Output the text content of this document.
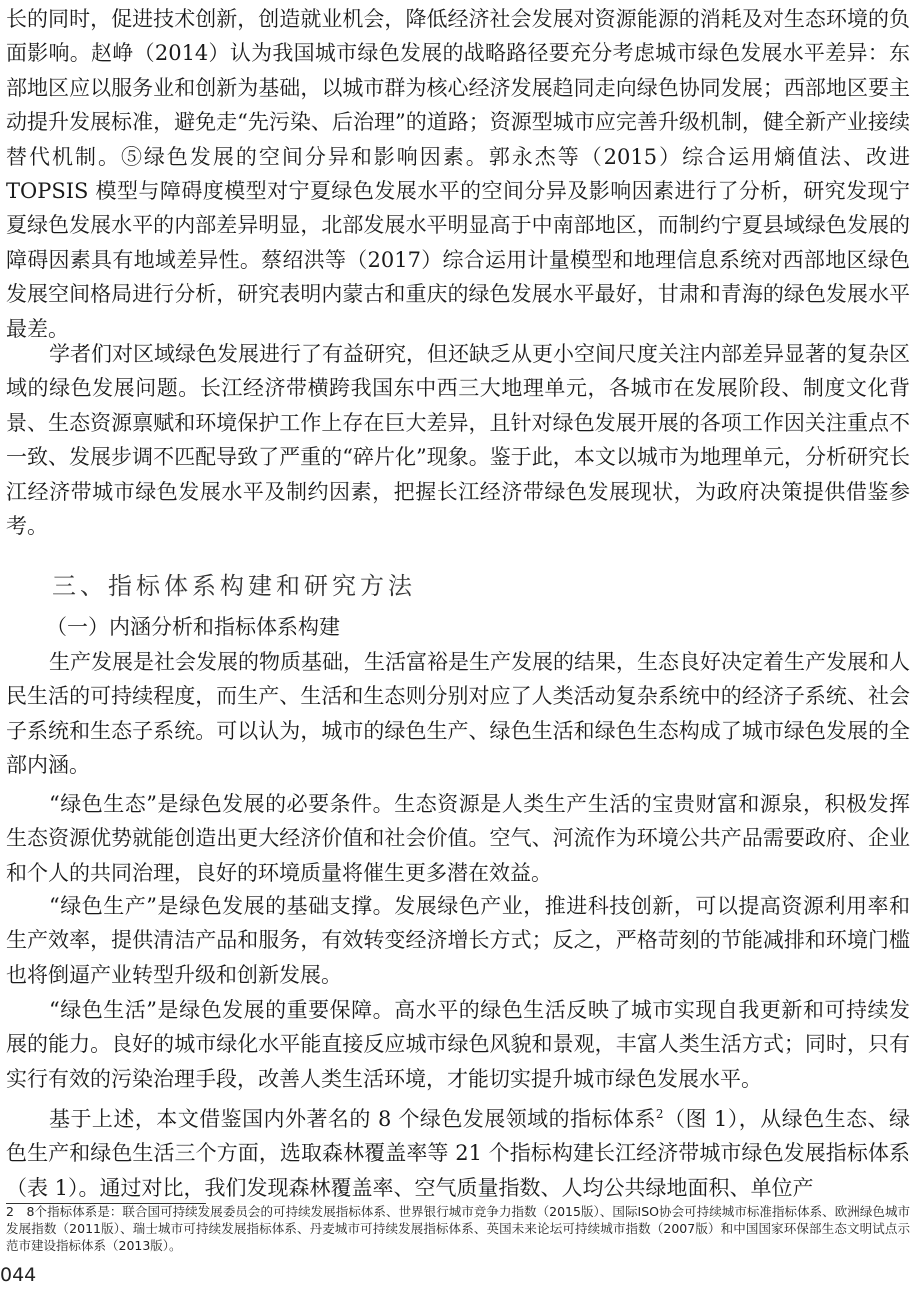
长的同时，促进技术创新，创造就业机会，降低经济社会发展对资源能源的消耗及对生态环境的负面影响。赵峥（2014）认为我国城市绿色发展的战略路径要充分考虑城市绿色发展水平差异：东部地区应以服务业和创新为基础，以城市群为核心经济发展趋同走向绿色协同发展；西部地区要主动提升发展标准，避免走“先污染、后治理”的道路；资源型城市应完善升级机制，健全新产业接续替代机制。⑤绿色发展的空间分异和影响因素。郭永杰等（2015）综合运用熵值法、改进 TOPSIS 模型与障碍度模型对宁夏绿色发展水平的空间分异及影响因素进行了分析，研究发现宁夏绿色发展水平的内部差异明显，北部发展水平明显高于中南部地区，而制约宁夏县域绿色发展的障碍因素具有地域差异性。蔡绍洪等（2017）综合运用计量模型和地理信息系统对西部地区绿色发展空间格局进行分析，研究表明内蒙古和重庆的绿色发展水平最好，甘肃和青海的绿色发展水平最差。

学者们对区域绿色发展进行了有益研究，但还缺乏从更小空间尺度关注内部差异显著的复杂区域的绿色发展问题。长江经济带横跨我国东中西三大地理单元，各城市在发展阶段、制度文化背景、生态资源禀赋和环境保护工作上存在巨大差异，且针对绿色发展开展的各项工作因关注重点不一致、发展步调不匹配导致了严重的“碎片化”现象。鉴于此，本文以城市为地理单元，分析研究长江经济带城市绿色发展水平及制约因素，把握长江经济带绿色发展现状，为政府决策提供借鉴参考。

三、指标体系构建和研究方法
（一）内涵分析和指标体系构建

生产发展是社会发展的物质基础，生活富裕是生产发展的结果，生态良好决定着生产发展和人民生活的可持续程度，而生产、生活和生态则分别对应了人类活动复杂系统中的经济子系统、社会子系统和生态子系统。可以认为，城市的绿色生产、绿色生活和绿色生态构成了城市绿色发展的全部内涵。

“绿色生态”是绿色发展的必要条件。生态资源是人类生产生活的宝贵财富和源泉，积极发挥生态资源优势就能创造出更大经济价值和社会价值。空气、河流作为环境公共产品需要政府、企业和个人的共同治理，良好的环境质量将催生更多潜在效益。

“绿色生产”是绿色发展的基础支撑。发展绿色产业，推进科技创新，可以提高资源利用率和生产效率，提供清洁产品和服务，有效转变经济增长方式；反之，严格苛刻的节能减排和环境门槛也将倒逼产业转型升级和创新发展。

“绿色生活”是绿色发展的重要保障。高水平的绿色生活反映了城市实现自我更新和可持续发展的能力。良好的城市绿化水平能直接反应城市绿色风貌和景观，丰富人类生活方式；同时，只有实行有效的污染治理手段，改善人类生活环境，才能切实提升城市绿色发展水平。

基于上述，本文借鉴国内外著名的 8 个绿色发展领域的指标体系$^2$（图 1），从绿色生态、绿色生产和绿色生活三个方面，选取森林覆盖率等 21 个指标构建长江经济带城市绿色发展指标体系（表 1）。通过对比，我们发现森林覆盖率、空气质量指数、人均公共绿地面积、单位产

2　8个指标体系是：联合国可持续发展委员会的可持续发展指标体系、世界银行城市竞争力指数（2015版）、国际ISO协会可持续城市标准指标体系、欧洲绿色城市发展指数（2011版）、瑞士城市可持续发展指标体系、丹麦城市可持续发展指标体系、英国未来论坛可持续城市指数（2007版）和中国国家环保部生态文明试点示范市建设指标体系（2013版）。
044
